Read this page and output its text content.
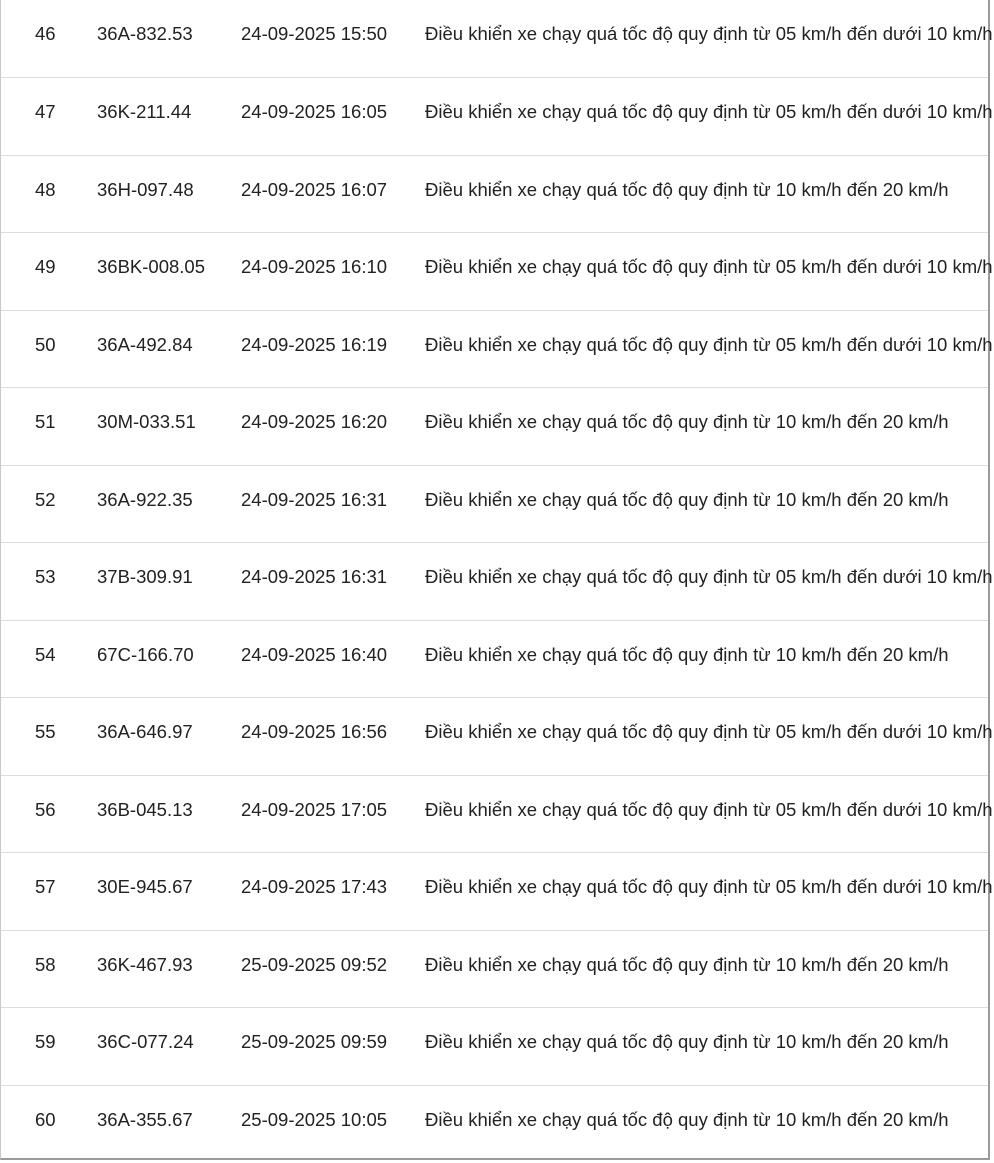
46	36A-832.53	24-09-2025 15:50	Điều khiển xe chạy quá tốc độ quy định từ 05 km/h đến dưới 10 km/h
47	36K-211.44	24-09-2025 16:05	Điều khiển xe chạy quá tốc độ quy định từ 05 km/h đến dưới 10 km/h
48	36H-097.48	24-09-2025 16:07	Điều khiển xe chạy quá tốc độ quy định từ 10 km/h đến 20 km/h
49	36BK-008.05	24-09-2025 16:10	Điều khiển xe chạy quá tốc độ quy định từ 05 km/h đến dưới 10 km/h
50	36A-492.84	24-09-2025 16:19	Điều khiển xe chạy quá tốc độ quy định từ 05 km/h đến dưới 10 km/h
51	30M-033.51	24-09-2025 16:20	Điều khiển xe chạy quá tốc độ quy định từ 10 km/h đến 20 km/h
52	36A-922.35	24-09-2025 16:31	Điều khiển xe chạy quá tốc độ quy định từ 10 km/h đến 20 km/h
53	37B-309.91	24-09-2025 16:31	Điều khiển xe chạy quá tốc độ quy định từ 05 km/h đến dưới 10 km/h
54	67C-166.70	24-09-2025 16:40	Điều khiển xe chạy quá tốc độ quy định từ 10 km/h đến 20 km/h
55	36A-646.97	24-09-2025 16:56	Điều khiển xe chạy quá tốc độ quy định từ 05 km/h đến dưới 10 km/h
56	36B-045.13	24-09-2025 17:05	Điều khiển xe chạy quá tốc độ quy định từ 05 km/h đến dưới 10 km/h
57	30E-945.67	24-09-2025 17:43	Điều khiển xe chạy quá tốc độ quy định từ 05 km/h đến dưới 10 km/h
58	36K-467.93	25-09-2025 09:52	Điều khiển xe chạy quá tốc độ quy định từ 10 km/h đến 20 km/h
59	36C-077.24	25-09-2025 09:59	Điều khiển xe chạy quá tốc độ quy định từ 10 km/h đến 20 km/h
60	36A-355.67	25-09-2025 10:05	Điều khiển xe chạy quá tốc độ quy định từ 10 km/h đến 20 km/h
